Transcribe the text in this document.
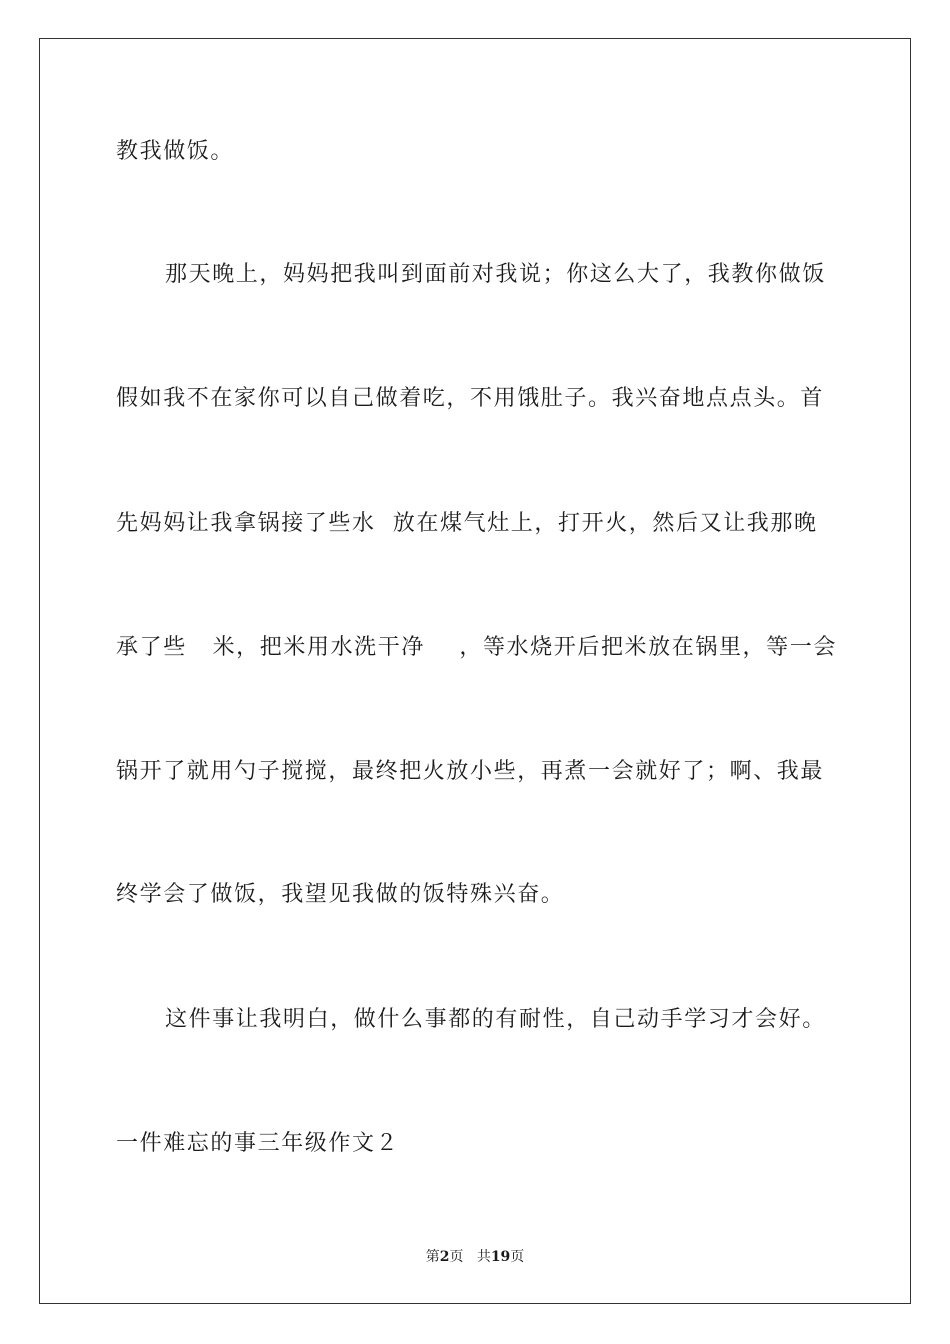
教我做饭。
那天晚上，妈妈把我叫到面前对我说；你这么大了，我教你做饭
假如我不在家你可以自己做着吃，不用饿肚子。我兴奋地点点头。首
先妈妈让我拿锅接了些水  放在煤气灶上，打开火，然后又让我那晚
承了些   米，把米用水洗干净    ，等水烧开后把米放在锅里，等一会
锅开了就用勺子搅搅，最终把火放小些，再煮一会就好了；啊、我最
终学会了做饭，我望见我做的饭特殊兴奋。
这件事让我明白，做什么事都的有耐性，自己动手学习才会好。
一件难忘的事三年级作文２
第2页 共19页
